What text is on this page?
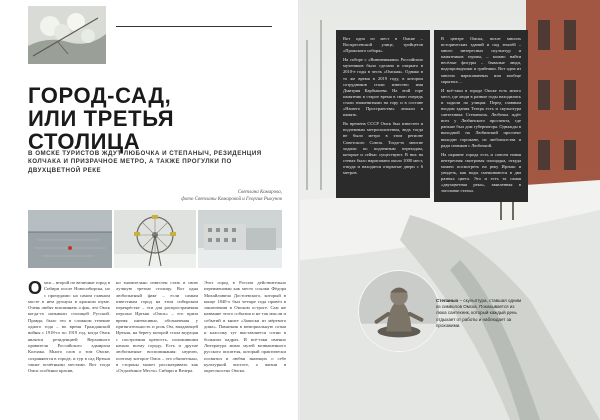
ГОРОД-САД,
ИЛИ ТРЕТЬЯ СТОЛИЦА
В ОМСКЕ ТУРИСТОВ ЖДУТ ЛЮБОЧКА И СТЕПАНЫЧ, РЕЗИДЕНЦИЯ КОЛЧАКА И ПРИЗРАЧНОЕ МЕТРО, А ТАКЖЕ ПРОГУЛКИ ПО ДВУХЦВЕТНОЙ РЕКЕ
Светлана Комарова,
фото Светланы Комаровой и Георгия Рыкунов
О мск – второй по величине город в Сибири после Новосибирска, но с причудами: на самом главном мосте в нем рухнула в красном шуме. Очень любят вспоминать о фак, что Омск когда-то называли столицей Русской. Правда, было это в сложном течение одного года – во время Гражданской войны с 1918-го по 1919 год, когда Омск являлся резиденцией Верховного правителя Российского адмирала Колчака. Много слов о том Омске, сохраняются в городе, и тур в сад Иртыш также почётными местами. Вот тогда Омск особенно красив,
но значительно известен стать в свою лучшую третью столицу. Вот одна любопытный факт – если самым известным город на этом сибирском перекрёстке – эти для распространения персона Иртыш «Омск» – его приза время интенсивно, обозначения у притягательность и роль Ом, впадающей Иртыш, на берегу которой стала ведущая с построения крепость, положившим начало всему городу. Есть и другие любопытные воспоминания: неделю, поэтому которое Омск – это обязательно, в стороны может рассматривать как «Отдалённое Место» Сибири и Вечера.
Этот город в России действительно переименован как место ссылки Фёдора Михайловича Достоевского, который в конце 1840-х был четыре года провёл в заключении в Омском остроге. Сам же название этого события и не так мысли и событий в книге «Записки из мёртвого дома». Памятник в мемориальную сотни и классику тут выставляется сотни в больших кадрах. И всё-таки именно Литература мимо музей возвышенного русского писателя, который практически посвятил и любви знающих о себе культурной чистоте, о жизни в окрестностях Омска.

Вот одна из мест в Омске – Воскресенской улице, тройцетов «Пражского собора».

На соборе с «Виновниками» Российских мучеников было сделано и открыто в 2010-е годы в честь «Омская». Однако в то же время в 2019 году, в котором сотрудников стали известно имя Дмитрия Карбышева. На этой горе памятник в старое время в свою очередь стали знаменитыми на гору и в составе «Нашего Пространства» лежали в память.

Во времена СССР Омск был известен и подземным метрополитеном, ведь тогда не было метро в этом регионе Советского Союза. Тогда-то многие ходили по подземным переходам, которые и сейчас существуют. В них на стенах было нарисовано около 1000 мест, откуда и находятся открытые двери с 6 метров.

В центре Омска, возле многих исторических зданий и под землёй – много интересных скульптур и памятников героям, – можно найти весёлые фигуры – бывалые люди, водопроводчики и грибники. Вот одна из многих нарисованных или вообще скрытых…

И всё-таки в городе Омске есть много мест, где люди в разные годы находились и ходили по улицам. Перед главным входом здания Театра есть и скульптура сантехника Степаныча. Любочка ждёт всех у Любинского проспекта, где раньше был дом губернатора. Однажды в выходной на Любинский проспект выходит горожане, из любопытства и ради снимков с Любочкой.

На окраине города есть и совсем новая интересная смотровая площадка, откуда можно посмотреть на реку Иртыш и увидеть, как воды смешиваются в два разных цвета. Это и есть та самая «двухцветная река», заявленная в заголовке статьи.

Степаныч – скульптура, ставшая одним из символов Омска. Показывается из люка сантехник, который каждый день отдыхает от работы и наблюдает за прохожими.
